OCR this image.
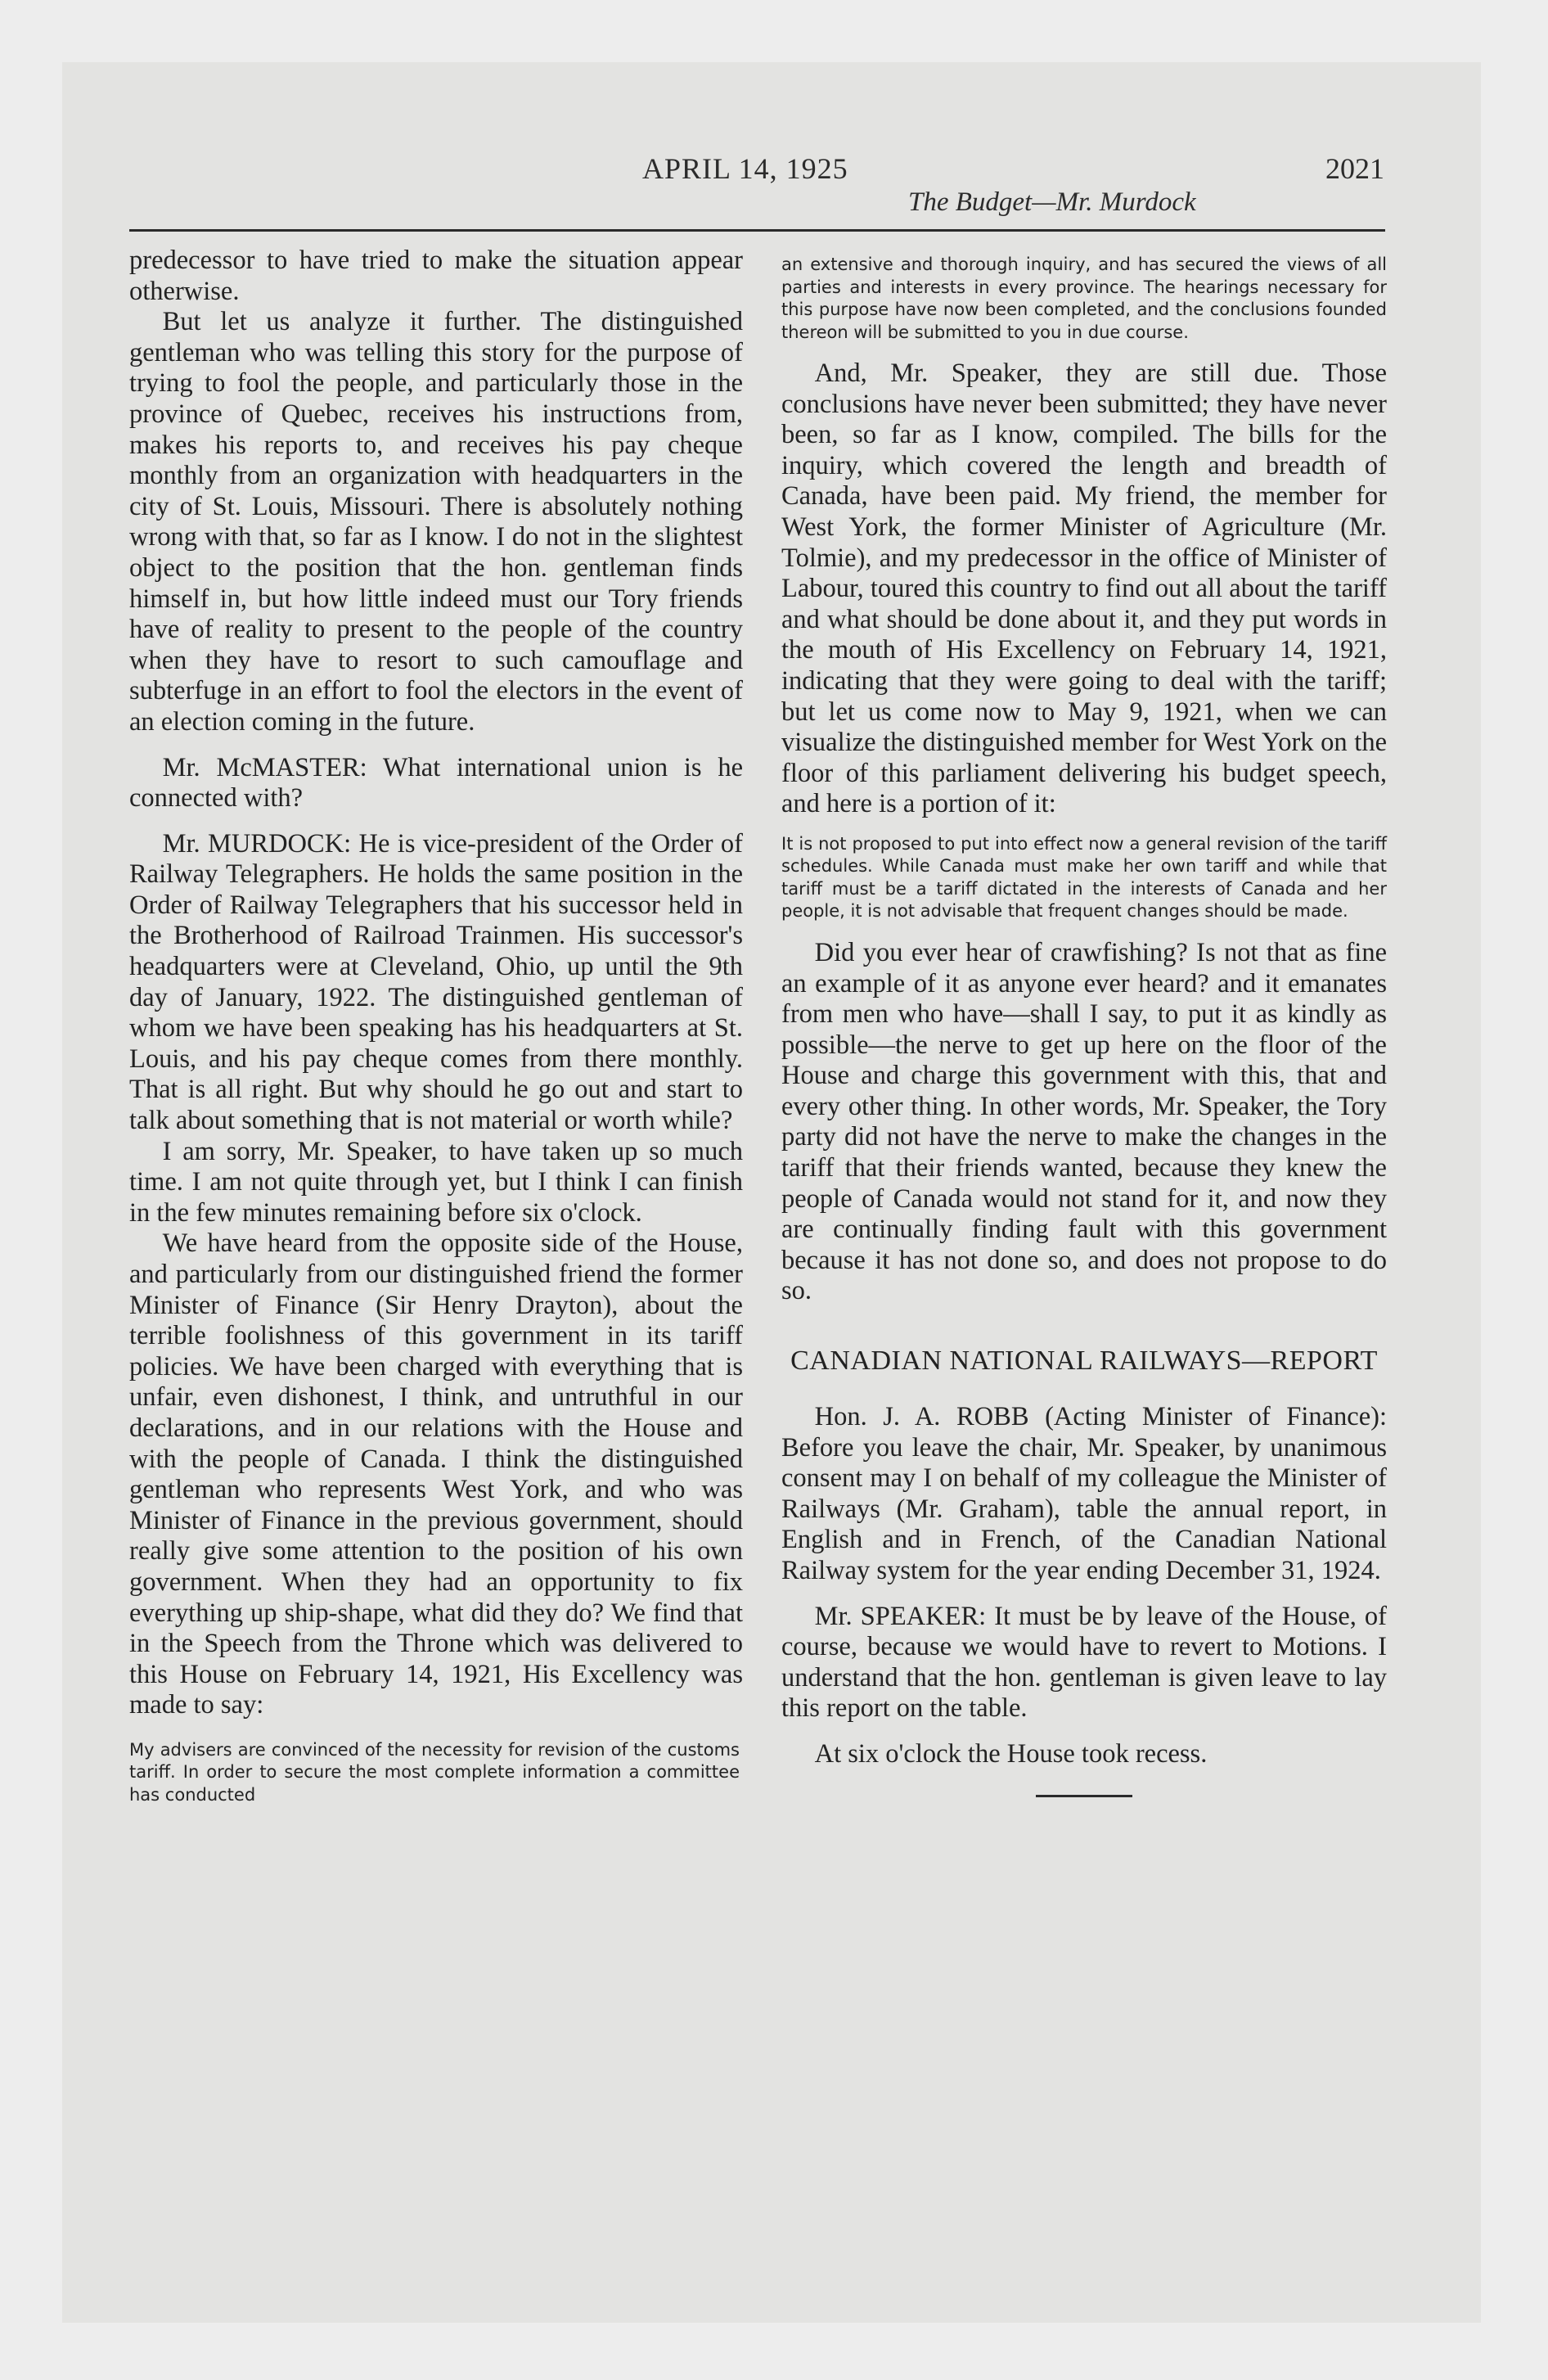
APRIL 14, 1925	2021
The Budget—Mr. Murdock

predecessor to have tried to make the situation appear otherwise.

But let us analyze it further. The distinguished gentleman who was telling this story for the purpose of trying to fool the people, and particularly those in the province of Quebec, receives his instructions from, makes his reports to, and receives his pay cheque monthly from an organization with headquarters in the city of St. Louis, Missouri. There is absolutely nothing wrong with that, so far as I know. I do not in the slightest object to the position that the hon. gentleman finds himself in, but how little indeed must our Tory friends have of reality to present to the people of the country when they have to resort to such camouflage and subterfuge in an effort to fool the electors in the event of an election coming in the future.

Mr. McMASTER: What international union is he connected with?

Mr. MURDOCK: He is vice-president of the Order of Railway Telegraphers. He holds the same position in the Order of Railway Telegraphers that his successor held in the Brotherhood of Railroad Trainmen. His successor's headquarters were at Cleveland, Ohio, up until the 9th day of January, 1922. The distinguished gentleman of whom we have been speaking has his headquarters at St. Louis, and his pay cheque comes from there monthly. That is all right. But why should he go out and start to talk about something that is not material or worth while?

I am sorry, Mr. Speaker, to have taken up so much time. I am not quite through yet, but I think I can finish in the few minutes remaining before six o'clock.

We have heard from the opposite side of the House, and particularly from our distinguished friend the former Minister of Finance (Sir Henry Drayton), about the terrible foolishness of this government in its tariff policies. We have been charged with everything that is unfair, even dishonest, I think, and untruthful in our declarations, and in our relations with the House and with the people of Canada. I think the distinguished gentleman who represents West York, and who was Minister of Finance in the previous government, should really give some attention to the position of his own government. When they had an opportunity to fix everything up ship-shape, what did they do? We find that in the Speech from the Throne which was delivered to this House on February 14, 1921, His Excellency was made to say:

My advisers are convinced of the necessity for revision of the customs tariff. In order to secure the most complete information a committee has conducted
an extensive and thorough inquiry, and has secured the views of all parties and interests in every province. The hearings necessary for this purpose have now been completed, and the conclusions founded thereon will be submitted to you in due course.

And, Mr. Speaker, they are still due. Those conclusions have never been submitted; they have never been, so far as I know, compiled. The bills for the inquiry, which covered the length and breadth of Canada, have been paid. My friend, the member for West York, the former Minister of Agriculture (Mr. Tolmie), and my predecessor in the office of Minister of Labour, toured this country to find out all about the tariff and what should be done about it, and they put words in the mouth of His Excellency on February 14, 1921, indicating that they were going to deal with the tariff; but let us come now to May 9, 1921, when we can visualize the distinguished member for West York on the floor of this parliament delivering his budget speech, and here is a portion of it:

It is not proposed to put into effect now a general revision of the tariff schedules. While Canada must make her own tariff and while that tariff must be a tariff dictated in the interests of Canada and her people, it is not advisable that frequent changes should be made.

Did you ever hear of crawfishing? Is not that as fine an example of it as anyone ever heard? and it emanates from men who have—shall I say, to put it as kindly as possible—the nerve to get up here on the floor of the House and charge this government with this, that and every other thing. In other words, Mr. Speaker, the Tory party did not have the nerve to make the changes in the tariff that their friends wanted, because they knew the people of Canada would not stand for it, and now they are continually finding fault with this government because it has not done so, and does not propose to do so.

CANADIAN NATIONAL RAILWAYS—REPORT

Hon. J. A. ROBB (Acting Minister of Finance): Before you leave the chair, Mr. Speaker, by unanimous consent may I on behalf of my colleague the Minister of Railways (Mr. Graham), table the annual report, in English and in French, of the Canadian National Railway system for the year ending December 31, 1924.

Mr. SPEAKER: It must be by leave of the House, of course, because we would have to revert to Motions. I understand that the hon. gentleman is given leave to lay this report on the table.

At six o'clock the House took recess.
